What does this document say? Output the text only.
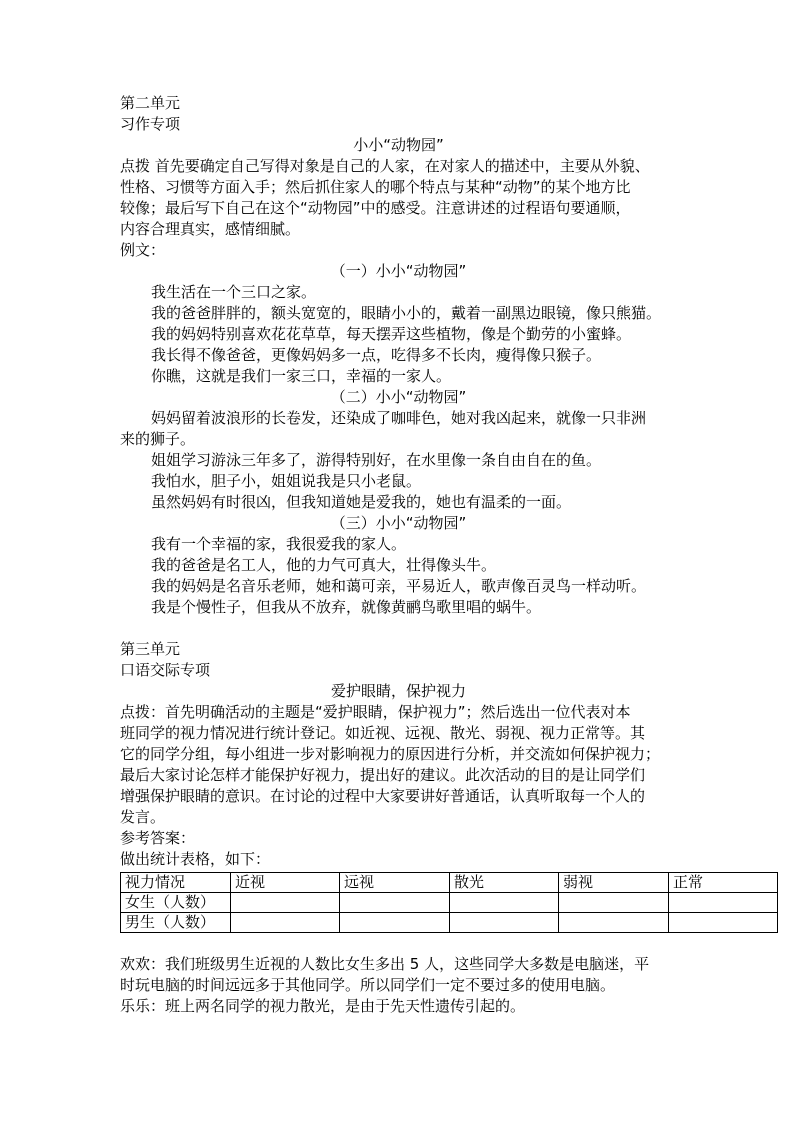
第二单元
习作专项
小小“动物园”
点拨 首先要确定自己写得对象是自己的人家，在对家人的描述中，主要从外貌、
性格、习惯等方面入手；然后抓住家人的哪个特点与某种“动物”的某个地方比
较像；最后写下自己在这个“动物园”中的感受。注意讲述的过程语句要通顺，
内容合理真实，感情细腻。
例文：
（一）小小“动物园”
我生活在一个三口之家。
我的爸爸胖胖的，额头宽宽的，眼睛小小的，戴着一副黑边眼镜，像只熊猫。
我的妈妈特别喜欢花花草草，每天摆弄这些植物，像是个勤劳的小蜜蜂。
我长得不像爸爸，更像妈妈多一点，吃得多不长肉，瘦得像只猴子。
你瞧，这就是我们一家三口，幸福的一家人。
（二）小小“动物园”
妈妈留着波浪形的长卷发，还染成了咖啡色，她对我凶起来，就像一只非洲
来的狮子。
姐姐学习游泳三年多了，游得特别好，在水里像一条自由自在的鱼。
我怕水，胆子小，姐姐说我是只小老鼠。
虽然妈妈有时很凶，但我知道她是爱我的，她也有温柔的一面。
（三）小小“动物园”
我有一个幸福的家，我很爱我的家人。
我的爸爸是名工人，他的力气可真大，壮得像头牛。
我的妈妈是名音乐老师，她和蔼可亲，平易近人，歌声像百灵鸟一样动听。
我是个慢性子，但我从不放弃，就像黄鹂鸟歌里唱的蜗牛。
第三单元
口语交际专项
爱护眼睛，保护视力
点拨：首先明确活动的主题是“爱护眼睛，保护视力”；然后选出一位代表对本
班同学的视力情况进行统计登记。如近视、远视、散光、弱视、视力正常等。其
它的同学分组，每小组进一步对影响视力的原因进行分析，并交流如何保护视力；
最后大家讨论怎样才能保护好视力，提出好的建议。此次活动的目的是让同学们
增强保护眼睛的意识。在讨论的过程中大家要讲好普通话，认真听取每一个人的
发言。
参考答案：
做出统计表格，如下：
视力情况	近视	远视	散光	弱视	正常
女生（人数）					
男生（人数）					
欢欢：我们班级男生近视的人数比女生多出 5 人，这些同学大多数是电脑迷，平
时玩电脑的时间远远多于其他同学。所以同学们一定不要过多的使用电脑。
乐乐：班上两名同学的视力散光，是由于先天性遗传引起的。
